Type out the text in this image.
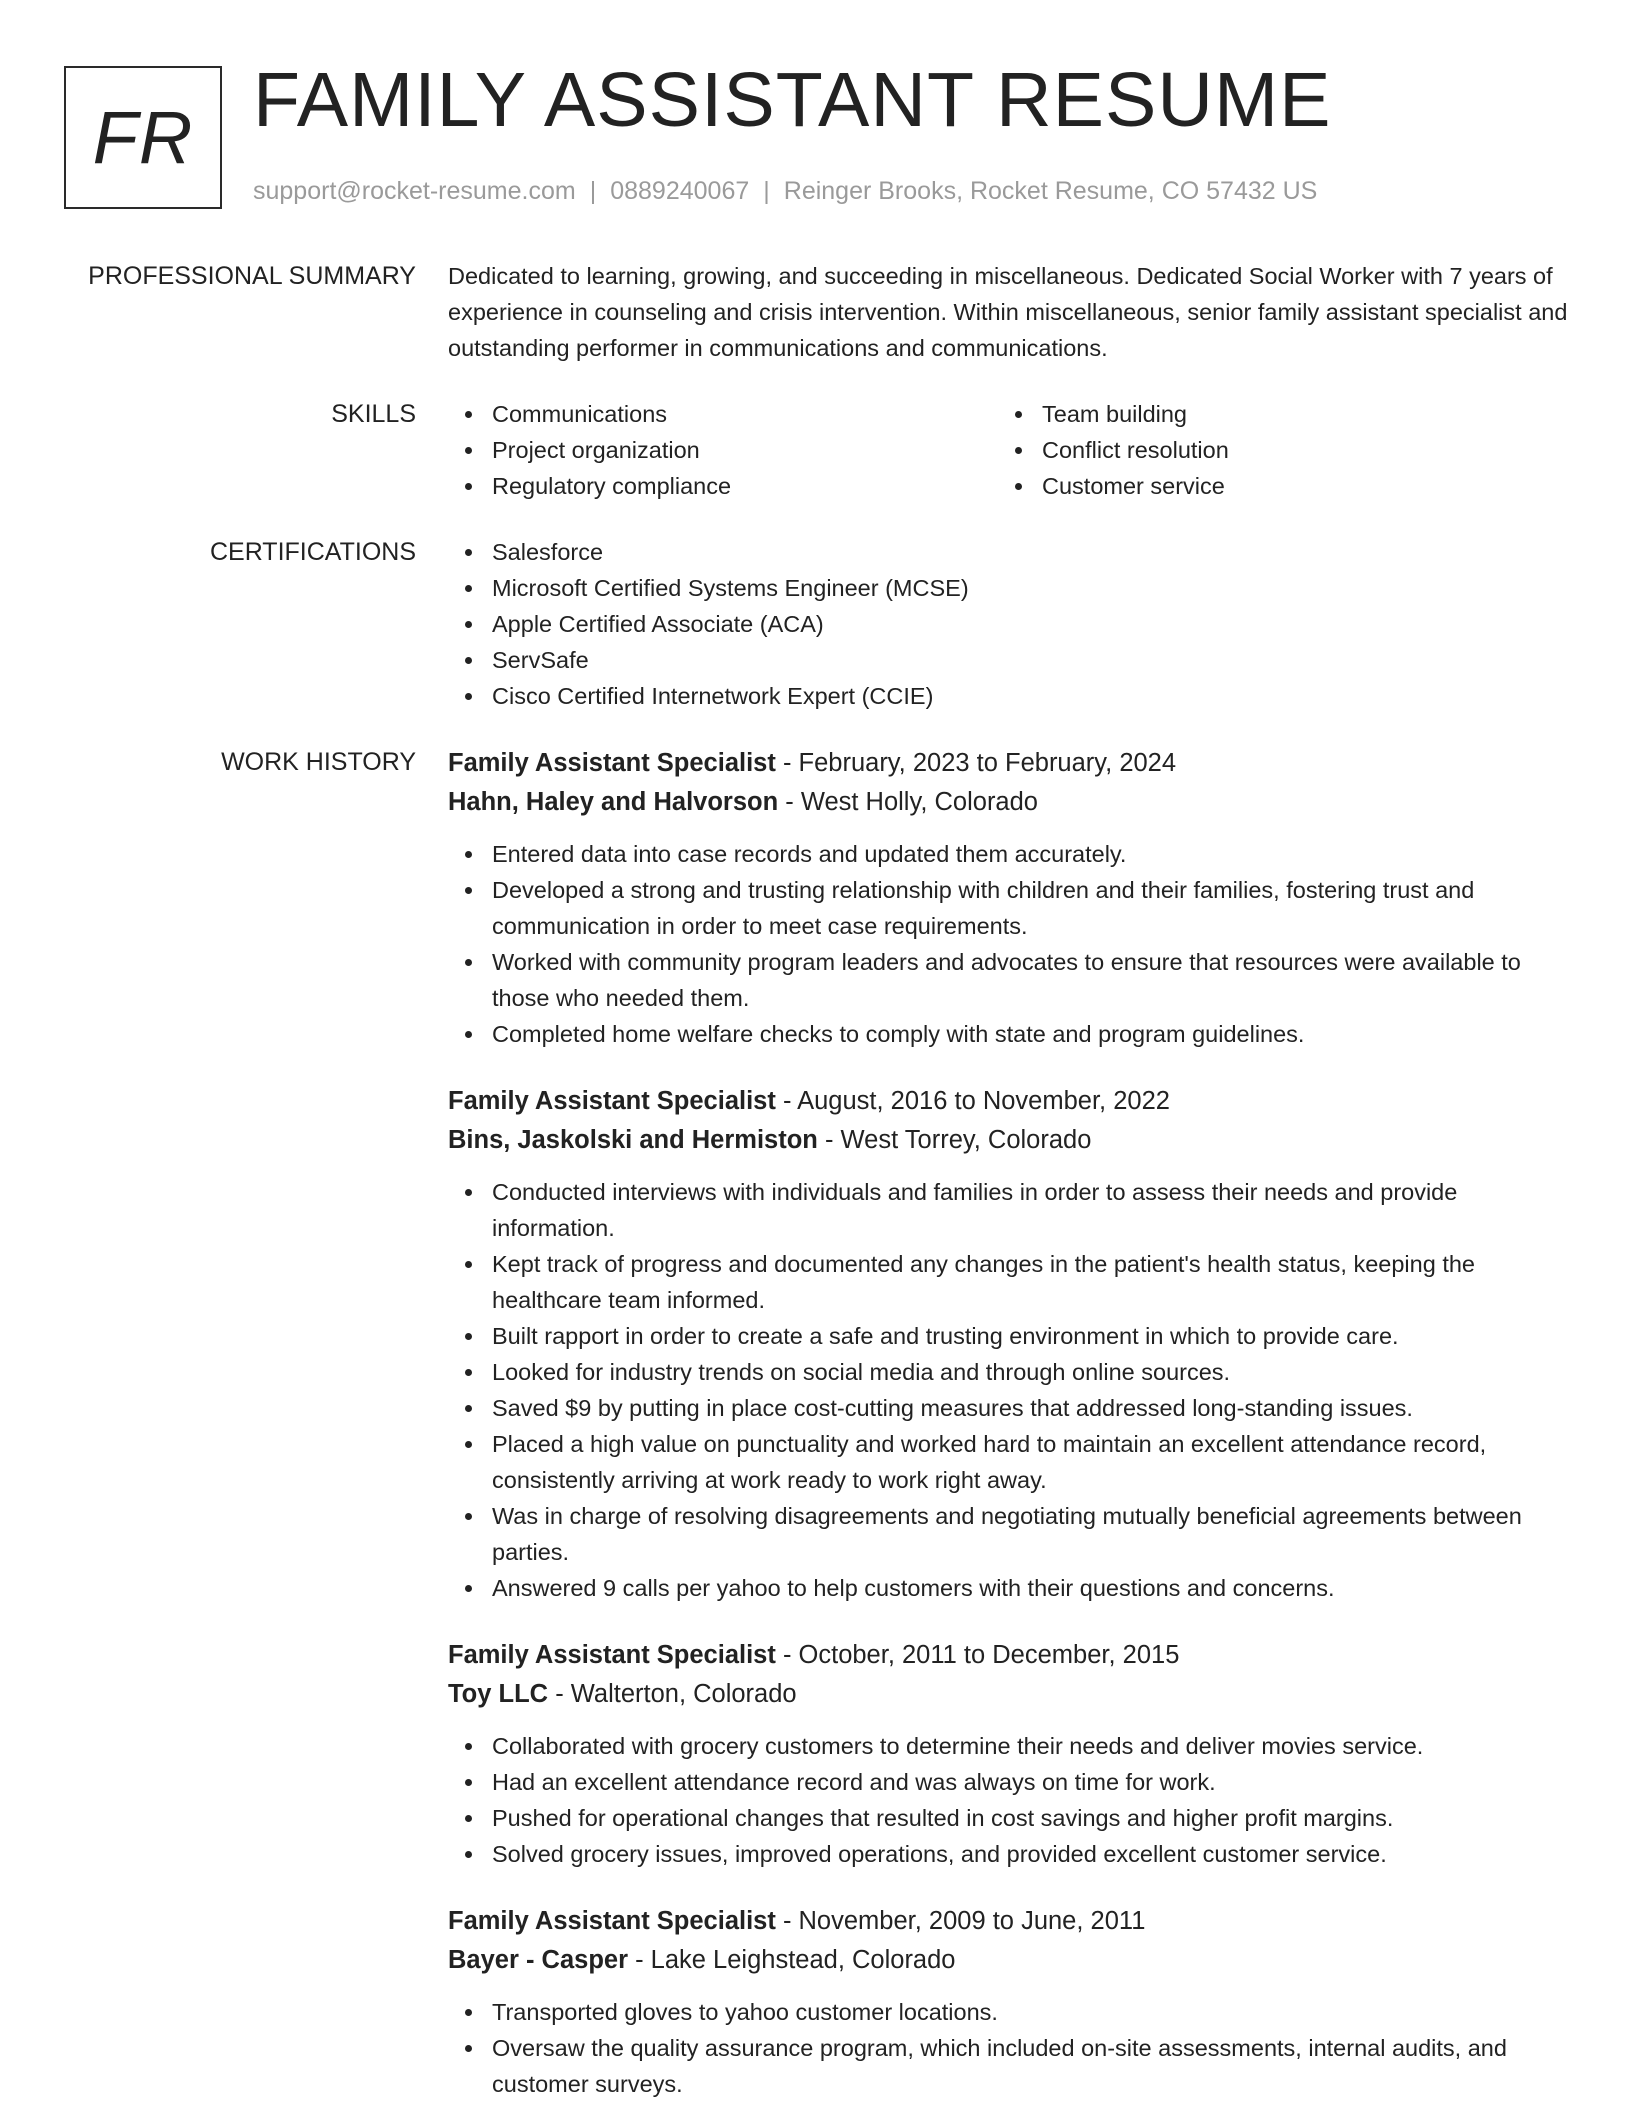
FR FAMILY ASSISTANT RESUME
support@rocket-resume.com | 0889240067 | Reinger Brooks, Rocket Resume, CO 57432 US
PROFESSIONAL SUMMARY Dedicated to learning, growing, and succeeding in miscellaneous. Dedicated Social Worker with 7 years of experience in counseling and crisis intervention. Within miscellaneous, senior family assistant specialist and outstanding performer in communications and communications.
SKILLS	Communications
Project organization
Regulatory compliance
Team building
Conflict resolution
Customer service
CERTIFICATIONS	Salesforce
Microsoft Certified Systems Engineer (MCSE)
Apple Certified Associate (ACA)
ServSafe
Cisco Certified Internetwork Expert (CCIE)
WORK HISTORY Family Assistant Specialist - February, 2023 to February, 2024
Hahn, Haley and Halvorson - West Holly, Colorado
Entered data into case records and updated them accurately.
Developed a strong and trusting relationship with children and their families, fostering trust and communication in order to meet case requirements.
Worked with community program leaders and advocates to ensure that resources were available to those who needed them.
Completed home welfare checks to comply with state and program guidelines.
Family Assistant Specialist - August, 2016 to November, 2022
Bins, Jaskolski and Hermiston - West Torrey, Colorado
Conducted interviews with individuals and families in order to assess their needs and provide information.
Kept track of progress and documented any changes in the patient's health status, keeping the healthcare team informed.
Built rapport in order to create a safe and trusting environment in which to provide care.
Looked for industry trends on social media and through online sources.
Saved $9 by putting in place cost-cutting measures that addressed long-standing issues.
Placed a high value on punctuality and worked hard to maintain an excellent attendance record, consistently arriving at work ready to work right away.
Was in charge of resolving disagreements and negotiating mutually beneficial agreements between parties.
Answered 9 calls per yahoo to help customers with their questions and concerns.
Family Assistant Specialist - October, 2011 to December, 2015
Toy LLC - Walterton, Colorado
Collaborated with grocery customers to determine their needs and deliver movies service.
Had an excellent attendance record and was always on time for work.
Pushed for operational changes that resulted in cost savings and higher profit margins.
Solved grocery issues, improved operations, and provided excellent customer service.
Family Assistant Specialist - November, 2009 to June, 2011
Bayer - Casper - Lake Leighstead, Colorado
Transported gloves to yahoo customer locations.
Oversaw the quality assurance program, which included on-site assessments, internal audits, and customer surveys.
